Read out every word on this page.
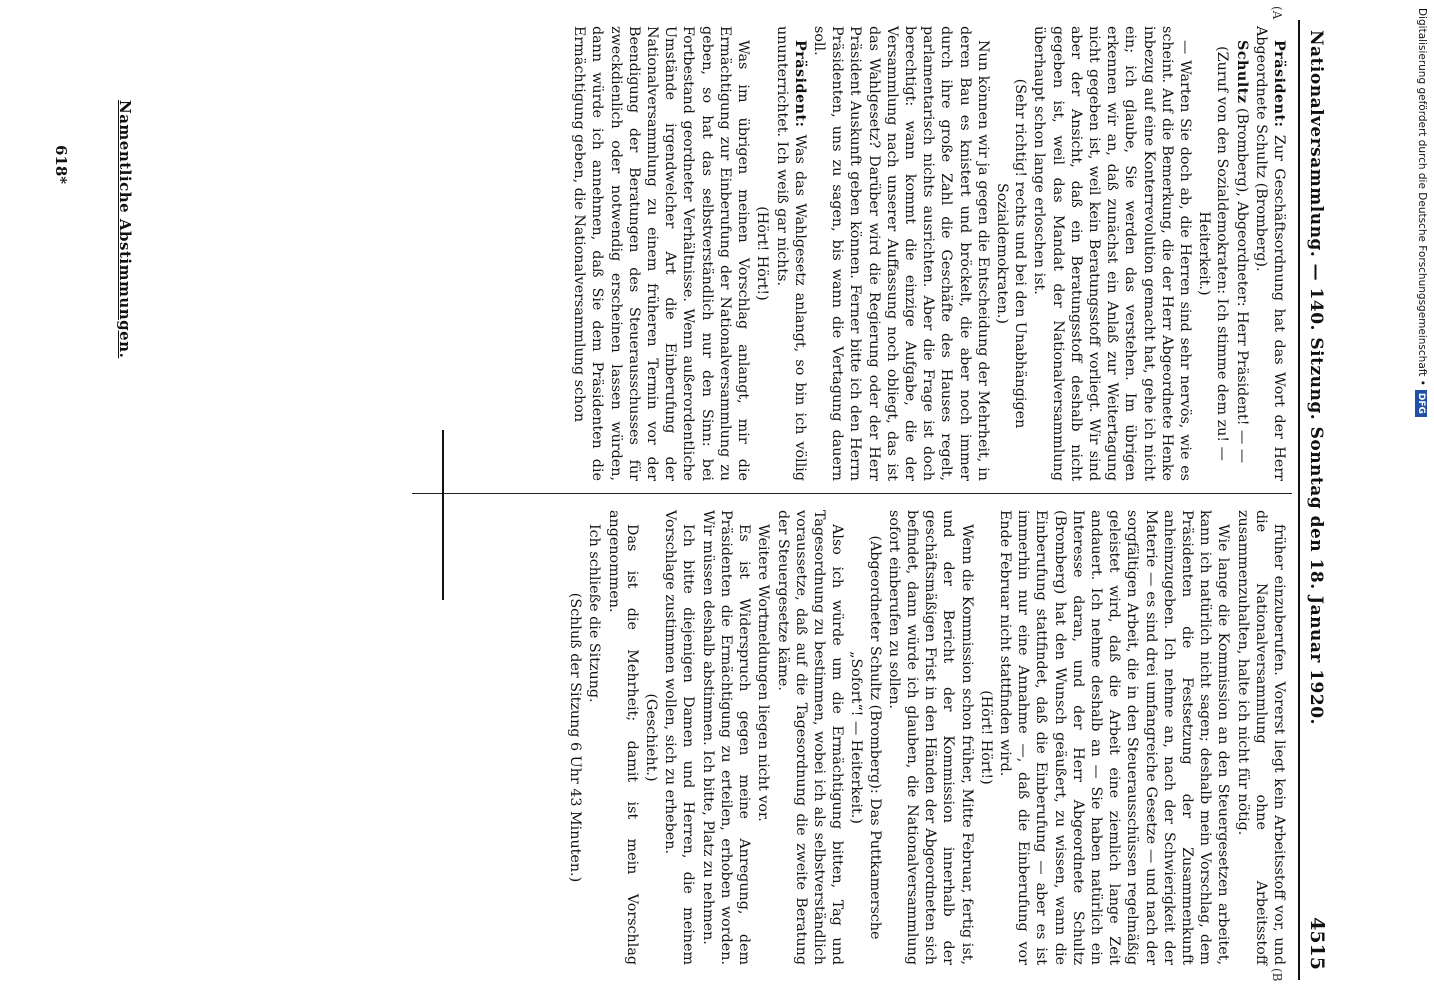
Nationalversammlung. — 140. Sitzung. Sonntag den 18. Januar 1920.
4515
(A
(B

Präsident: Zur Geschäftsordnung hat das Wort der Herr Abgeordnete Schultz (Bromberg).

Schultz (Bromberg), Abgeordneter: Herr Präsident! — —

(Zuruf von den Sozialdemokraten: Ich stimme dem zu! — Heiterkeit.)

— Warten Sie doch ab, die Herren sind sehr nervös, wie es scheint. Auf die Bemerkung, die der Herr Abgeordnete Henke inbezug auf eine Konterrevolution gemacht hat, gehe ich nicht ein; ich glaube, Sie werden das verstehen. Im übrigen erkennen wir an, daß zunächst ein Anlaß zur Weitertagung nicht gegeben ist, weil kein Beratungsstoff vorliegt. Wir sind aber der Ansicht, daß ein Beratungsstoff deshalb nicht gegeben ist, weil das Mandat der Nationalversammlung überhaupt schon lange erloschen ist.

(Sehr richtig! rechts und bei den Unabhängigen Sozialdemokraten.)

Nun können wir ja gegen die Entscheidung der Mehrheit, in deren Bau es knistert und bröckelt, die aber noch immer durch ihre große Zahl die Geschäfte des Hauses regelt, parlamentarisch nichts ausrichten. Aber die Frage ist doch berechtigt: wann kommt die einzige Aufgabe, die der Versammlung nach unserer Auffassung noch obliegt, das ist das Wahlgesetz? Darüber wird die Regierung oder der Herr Präsident Auskunft geben können. Ferner bitte ich den Herrn Präsidenten, uns zu sagen, bis wann die Vertagung dauern soll.

Präsident: Was das Wahlgesetz anlangt, so bin ich völlig ununterrichtet. Ich weiß gar nichts.

(Hört! Hört!)

Was im übrigen meinen Vorschlag anlangt, mir die Ermächtigung zur Einberufung der Nationalversammlung zu geben, so hat das selbstverständlich nur den Sinn: bei Fortbestand geordneter Verhältnisse. Wenn außerordentliche Umstände irgendwelcher Art die Einberufung der Nationalversammlung zu einem früheren Termin vor der Beendigung der Beratungen des Steuerausschusses für zweckdienlich oder notwendig erscheinen lassen würden, dann würde ich annehmen, daß Sie dem Präsidenten die Ermächtigung geben, die Nationalversammlung schon

früher einzuberufen. Vorerst liegt kein Arbeitsstoff vor, und die Nationalversammlung ohne Arbeitsstoff zusammenzuhalten, halte ich nicht für nötig.

Wie lange die Kommission an den Steuergesetzen arbeitet, kann ich natürlich nicht sagen; deshalb mein Vorschlag, dem Präsidenten die Festsetzung der Zusammenkunft anheimzugeben. Ich nehme an, nach der Schwierigkeit der Materie — es sind drei umfangreiche Gesetze — und nach der sorgfältigen Arbeit, die in den Steuerausschüssen regelmäßig geleistet wird, daß die Arbeit eine ziemlich lange Zeit andauert. Ich nehme deshalb an — Sie haben natürlich ein Interesse daran, und der Herr Abgeordnete Schultz (Bromberg) hat den Wunsch geäußert, zu wissen, wann die Einberufung stattfindet, daß die Einberufung — aber es ist immerhin nur eine Annahme —, daß die Einberufung vor Ende Februar nicht stattfinden wird.

(Hört! Hört!)

Wenn die Kommission schon früher, Mitte Februar, fertig ist, und der Bericht der Kommission innerhalb der geschäftsmäßigen Frist in den Händen der Abgeordneten sich befindet, dann würde ich glauben, die Nationalversammlung sofort einberufen zu sollen.

(Abgeordneter Schultz (Bromberg): Das Puttkamersche „Sofort“! — Heiterkeit.)

Also ich würde um die Ermächtigung bitten, Tag und Tagesordnung zu bestimmen, wobei ich als selbstverständlich voraussetze, daß auf die Tagesordnung die zweite Beratung der Steuergesetze käme.

Weitere Wortmeldungen liegen nicht vor.

Es ist Widerspruch gegen meine Anregung, dem Präsidenten die Ermächtigung zu erteilen, erhoben worden. Wir müssen deshalb abstimmen. Ich bitte, Platz zu nehmen.

Ich bitte diejenigen Damen und Herren, die meinem Vorschlage zustimmen wollen, sich zu erheben.

(Geschieht.)

Das ist die Mehrheit; damit ist mein Vorschlag angenommen.

Ich schließe die Sitzung.

(Schluß der Sitzung 6 Uhr 43 Minuten.)

Namentliche Abstimmungen.
618*	Digitalisierung gefördert durch die Deutsche Forschungsgemeinschaft •DFG
